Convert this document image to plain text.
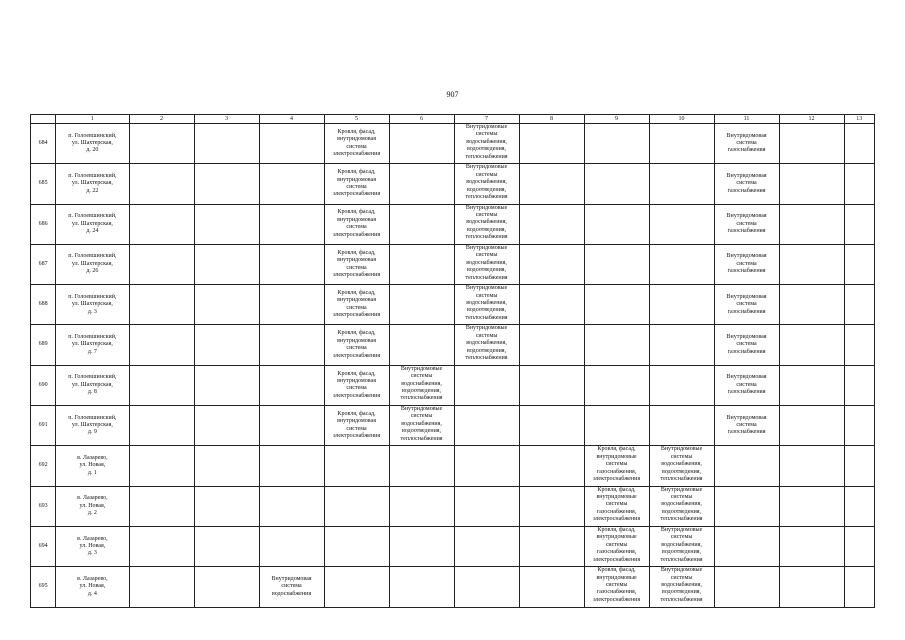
907
	1	2	3	4	5	6	7	8	9	10	11	12	13
684	п. Голоевшинский,
ул. Шахтерская,
д. 20				Кровля, фасад,
внутридомовая
система
электроснабжения		Внутридомовые
системы
водоснабжения,
водоотведения,
теплоснабжения				Внутридомовая
система
газоснабжения		
685	п. Голоевшинский,
ул. Шахтерская,
д. 22				Кровля, фасад,
внутридомовая
система
электроснабжения		Внутридомовые
системы
водоснабжения,
водоотведения,
теплоснабжения				Внутридомовая
система
газоснабжения		
686	п. Голоевшинский,
ул. Шахтерская,
д. 24				Кровля, фасад,
внутридомовая
система
электроснабжения		Внутридомовые
системы
водоснабжения,
водоотведения,
теплоснабжения				Внутридомовая
система
газоснабжения		
687	п. Голоевшинский,
ул. Шахтерская,
д. 26				Кровля, фасад,
внутридомовая
система
электроснабжения		Внутридомовые
системы
водоснабжения,
водоотведения,
теплоснабжения				Внутридомовая
система
газоснабжения		
688	п. Голоевшинский,
ул. Шахтерская,
д. 3				Кровля, фасад,
внутридомовая
система
электроснабжения		Внутридомовые
системы
водоснабжения,
водоотведения,
теплоснабжения				Внутридомовая
система
газоснабжения		
689	п. Голоевшинский,
ул. Шахтерская,
д. 7				Кровля, фасад,
внутридомовая
система
электроснабжения		Внутридомовые
системы
водоснабжения,
водоотведения,
теплоснабжения				Внутридомовая
система
газоснабжения		
690	п. Голоевшинский,
ул. Шахтерская,
д. 8				Кровля, фасад,
внутридомовая
система
электроснабжения	Внутридомовые
системы
водоснабжения,
водоотведения,
теплоснабжения					Внутридомовая
система
газоснабжения		
691	п. Голоевшинский,
ул. Шахтерская,
д. 9				Кровля, фасад,
внутридомовая
система
электроснабжения	Внутридомовые
системы
водоснабжения,
водоотведения,
теплоснабжения					Внутридомовая
система
газоснабжения		
692	в. Лазарево,
ул. Новая,
д. 1								Кровля, фасад,
внутридомовые
системы
газоснабжения,
электроснабжения	Внутридомовые
системы
водоснабжения,
водоотведения,
теплоснабжения			
693	в. Лазарево,
ул. Новая,
д. 2								Кровля, фасад,
внутридомовые
системы
газоснабжения,
электроснабжения	Внутридомовые
системы
водоснабжения,
водоотведения,
теплоснабжения			
694	в. Лазарево,
ул. Новая,
д. 3								Кровля, фасад,
внутридомовые
системы
газоснабжения,
электроснабжения	Внутридомовые
системы
водоснабжения,
водоотведения,
теплоснабжения			
695	в. Лазарево,
ул. Новая,
д. 4			Внутридомовая
система
водоснабжения					Кровля, фасад,
внутридомовые
системы
газоснабжения,
электроснабжения	Внутридомовые
системы
водоснабжения,
водоотведения,
теплоснабжения			
